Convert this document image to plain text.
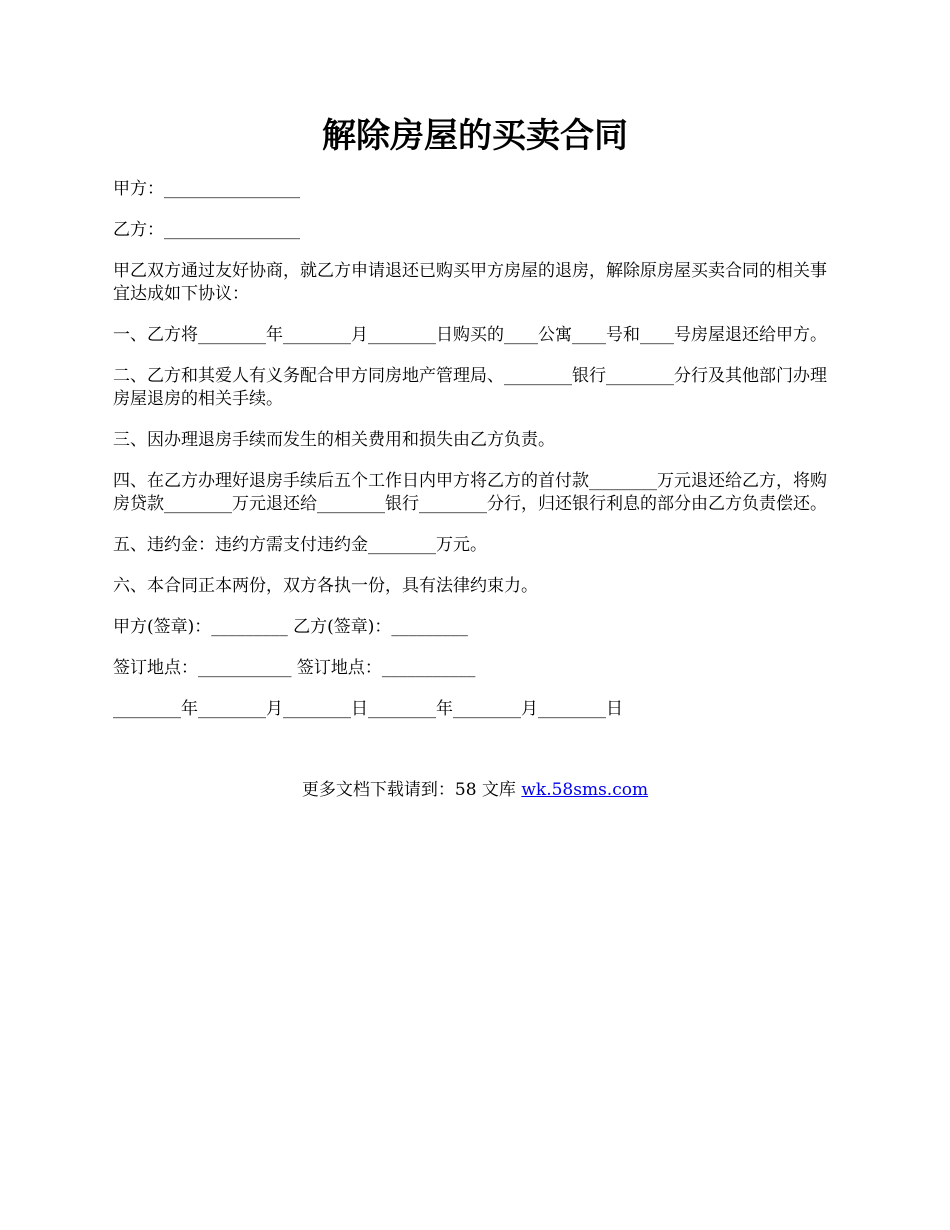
解除房屋的买卖合同

甲方：________________

乙方：________________

甲乙双方通过友好协商，就乙方申请退还已购买甲方房屋的退房，解除原房屋买卖合同的相关事宜达成如下协议：

一、乙方将________年________月________日购买的____公寓____号和____号房屋退还给甲方。

二、乙方和其爱人有义务配合甲方同房地产管理局、________银行________分行及其他部门办理房屋退房的相关手续。

三、因办理退房手续而发生的相关费用和损失由乙方负责。

四、在乙方办理好退房手续后五个工作日内甲方将乙方的首付款________万元退还给乙方，将购房贷款________万元退还给________银行________分行，归还银行利息的部分由乙方负责偿还。

五、违约金：违约方需支付违约金________万元。

六、本合同正本两份，双方各执一份，具有法律约束力。

甲方(签章)：_________ 乙方(签章)：_________

签订地点：___________ 签订地点：___________

________年________月________日________年________月________日

更多文档下载请到：58 文库 wk.58sms.com
